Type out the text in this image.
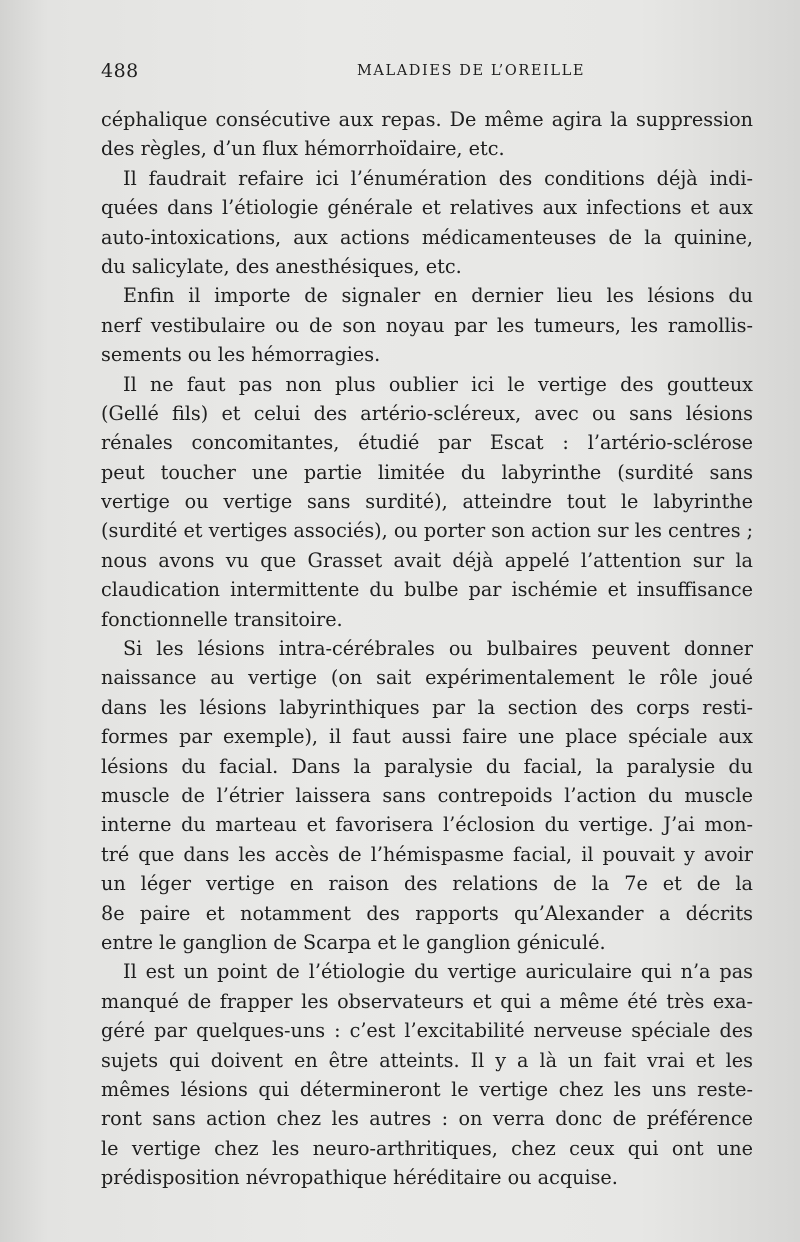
488	MALADIES DE L’OREILLE
céphalique consécutive aux repas. De même agira la suppression
des règles, d’un flux hémorrhoïdaire, etc.
Il faudrait refaire ici l’énumération des conditions déjà indi-
quées dans l’étiologie générale et relatives aux infections et aux
auto-intoxications, aux actions médicamenteuses de la quinine,
du salicylate, des anesthésiques, etc.
Enfin il importe de signaler en dernier lieu les lésions du
nerf vestibulaire ou de son noyau par les tumeurs, les ramollis-
sements ou les hémorragies.
Il ne faut pas non plus oublier ici le vertige des goutteux
(Gellé fils) et celui des artério-scléreux, avec ou sans lésions
rénales concomitantes, étudié par Escat : l’artério-sclérose
peut toucher une partie limitée du labyrinthe (surdité sans
vertige ou vertige sans surdité), atteindre tout le labyrinthe
(surdité et vertiges associés), ou porter son action sur les centres ;
nous avons vu que Grasset avait déjà appelé l’attention sur la
claudication intermittente du bulbe par ischémie et insuffisance
fonctionnelle transitoire.
Si les lésions intra-cérébrales ou bulbaires peuvent donner
naissance au vertige (on sait expérimentalement le rôle joué
dans les lésions labyrinthiques par la section des corps resti-
formes par exemple), il faut aussi faire une place spéciale aux
lésions du facial. Dans la paralysie du facial, la paralysie du
muscle de l’étrier laissera sans contrepoids l’action du muscle
interne du marteau et favorisera l’éclosion du vertige. J’ai mon-
tré que dans les accès de l’hémispasme facial, il pouvait y avoir
un léger vertige en raison des relations de la 7e et de la
8e paire et notamment des rapports qu’Alexander a décrits
entre le ganglion de Scarpa et le ganglion géniculé.
Il est un point de l’étiologie du vertige auriculaire qui n’a pas
manqué de frapper les observateurs et qui a même été très exa-
géré par quelques-uns : c’est l’excitabilité nerveuse spéciale des
sujets qui doivent en être atteints. Il y a là un fait vrai et les
mêmes lésions qui détermineront le vertige chez les uns reste-
ront sans action chez les autres : on verra donc de préférence
le vertige chez les neuro-arthritiques, chez ceux qui ont une
prédisposition névropathique héréditaire ou acquise.
